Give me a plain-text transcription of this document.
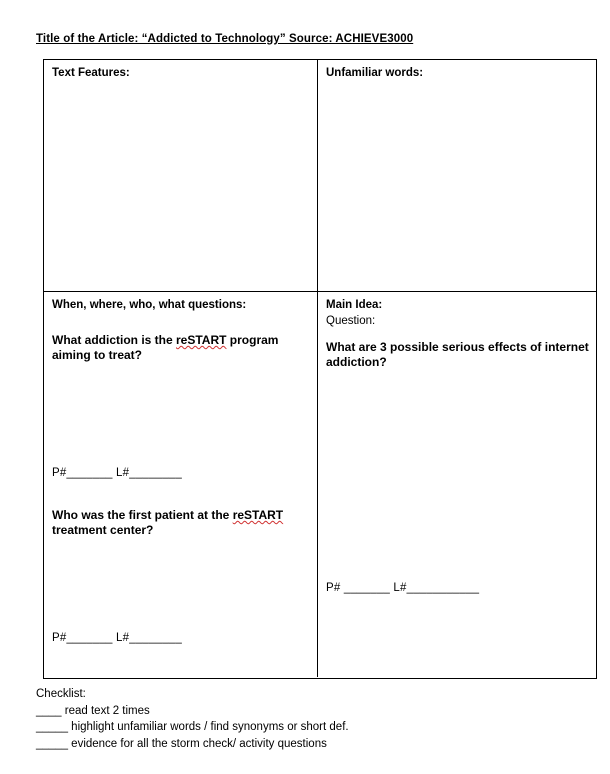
Title of the Article: “Addicted to Technology” Source: ACHIEVE3000
Text Features:	Unfamiliar words:
When, where, who, what questions:
What addiction is the reSTART program aiming to treat?
P#_______ L#________
Who was the first patient at the reSTART treatment center?
P#_______ L#________
Main Idea:
Question:
What are 3 possible serious effects of internet addiction?
P# _______ L#___________
Checklist:
____ read text 2 times
_____ highlight unfamiliar words / find synonyms or short def.
_____ evidence for all the storm check/ activity questions
